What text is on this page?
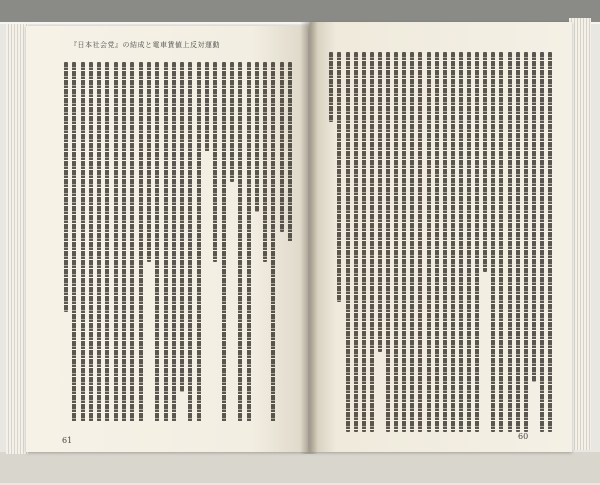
『日本社会党』の結成と電車賃値上反対運動
61	60
